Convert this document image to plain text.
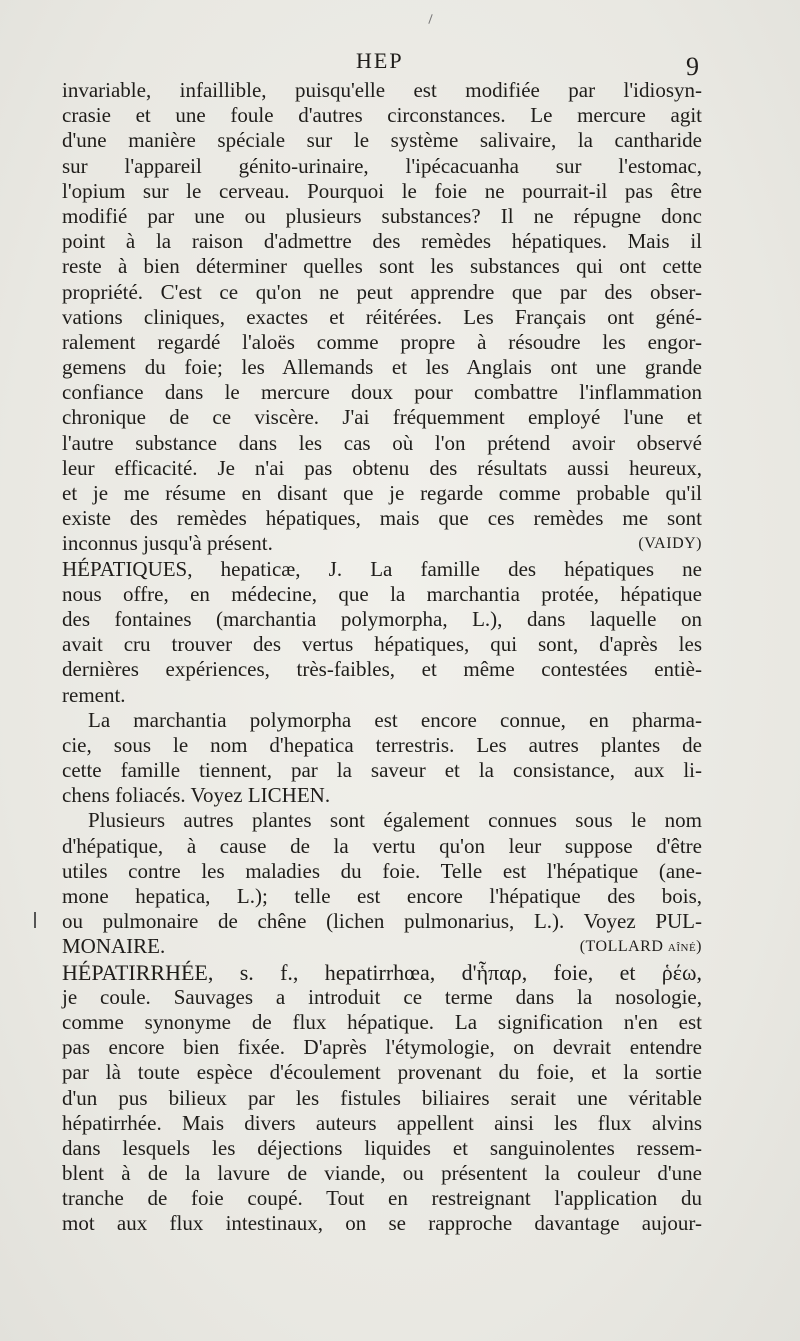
HEP	9
invariable, infaillible, puisqu'elle est modifiée par l'idiosyn-
crasie et une foule d'autres circonstances. Le mercure agit
d'une manière spéciale sur le système salivaire, la cantharide
sur l'appareil génito-urinaire, l'ipécacuanha sur l'estomac,
l'opium sur le cerveau. Pourquoi le foie ne pourrait-il pas être
modifié par une ou plusieurs substances? Il ne répugne donc
point à la raison d'admettre des remèdes hépatiques. Mais il
reste à bien déterminer quelles sont les substances qui ont cette
propriété. C'est ce qu'on ne peut apprendre que par des obser-
vations cliniques, exactes et réitérées. Les Français ont géné-
ralement regardé l'aloës comme propre à résoudre les engor-
gemens du foie; les Allemands et les Anglais ont une grande
confiance dans le mercure doux pour combattre l'inflammation
chronique de ce viscère. J'ai fréquemment employé l'une et
l'autre substance dans les cas où l'on prétend avoir observé
leur efficacité. Je n'ai pas obtenu des résultats aussi heureux,
et je me résume en disant que je regarde comme probable qu'il
existe des remèdes hépatiques, mais que ces remèdes me sont
inconnus jusqu'à présent.	(VAIDY)
HÉPATIQUES, hepaticæ, J. La famille des hépatiques ne
nous offre, en médecine, que la marchantia protée, hépatique
des fontaines (marchantia polymorpha, L.), dans laquelle on
avait cru trouver des vertus hépatiques, qui sont, d'après les
dernières expériences, très-faibles, et même contestées entiè-
rement.
La marchantia polymorpha est encore connue, en pharma-
cie, sous le nom d'hepatica terrestris. Les autres plantes de
cette famille tiennent, par la saveur et la consistance, aux li-
chens foliacés. Voyez LICHEN.
Plusieurs autres plantes sont également connues sous le nom
d'hépatique, à cause de la vertu qu'on leur suppose d'être
utiles contre les maladies du foie. Telle est l'hépatique (ane-
mone hepatica, L.); telle est encore l'hépatique des bois,
ou pulmonaire de chêne (lichen pulmonarius, L.). Voyez PUL-
MONAIRE.	(TOLLARD aîné)
HÉPATIRRHÉE, s. f., hepatirrhœa, d'ἧπαρ, foie, et ῥέω,
je coule. Sauvages a introduit ce terme dans la nosologie,
comme synonyme de flux hépatique. La signification n'en est
pas encore bien fixée. D'après l'étymologie, on devrait entendre
par là toute espèce d'écoulement provenant du foie, et la sortie
d'un pus bilieux par les fistules biliaires serait une véritable
hépatirrhée. Mais divers auteurs appellent ainsi les flux alvins
dans lesquels les déjections liquides et sanguinolentes ressem-
blent à de la lavure de viande, ou présentent la couleur d'une
tranche de foie coupé. Tout en restreignant l'application du
mot aux flux intestinaux, on se rapproche davantage aujour-
